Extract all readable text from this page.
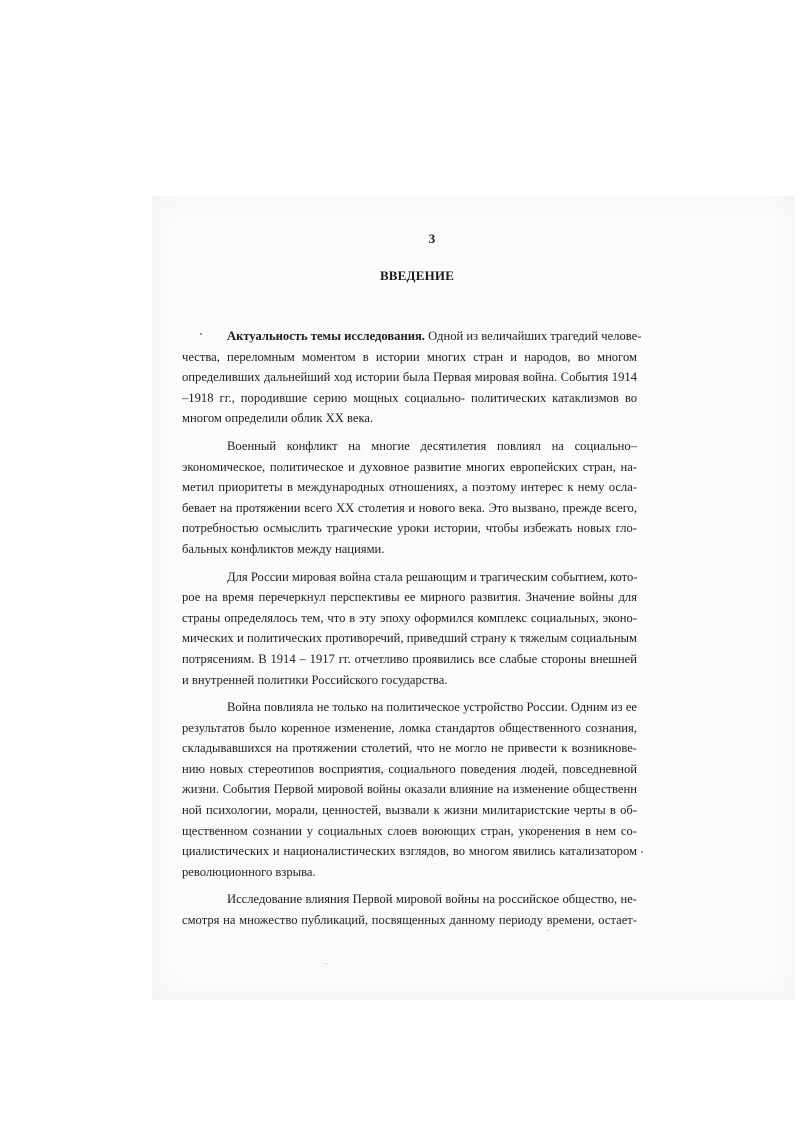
3
ВВЕДЕНИЕ
Актуальность темы исследования. Одной из величайших трагедий челове-
чества, переломным моментом в истории многих стран и народов, во многом
определивших дальнейший ход истории была Первая мировая война. События 1914
–1918 гг., породившие серию мощных социально- политических катаклизмов во
многом определили облик XX века.
Военный конфликт на многие десятилетия повлиял на социально–
экономическое, политическое и духовное развитие многих европейских стран, на-
метил приоритеты в международных отношениях, а поэтому интерес к нему осла-
бевает на протяжении всего XX столетия и нового века. Это вызвано, прежде всего,
потребностью осмыслить трагические уроки истории, чтобы избежать новых гло-
бальных конфликтов между нациями.
Для России мировая война стала решающим и трагическим событием, кото-
рое на время перечеркнул перспективы ее мирного развития. Значение войны для
страны определялось тем, что в эту эпоху оформился комплекс социальных, эконо-
мических и политических противоречий, приведший страну к тяжелым социальным
потрясениям. В 1914 – 1917 гг. отчетливо проявились все слабые стороны внешней
и внутренней политики Российского государства.
Война повлияла не только на политическое устройство России. Одним из ее
результатов было коренное изменение, ломка стандартов общественного сознания,
складывавшихся на протяжении столетий, что не могло не привести к возникнове-
нию новых стереотипов восприятия, социального поведения людей, повседневной
жизни. События Первой мировой войны оказали влияние на изменение общественн
ной психологии, морали, ценностей, вызвали к жизни милитаристские черты в об-
щественном сознании у социальных слоев воюющих стран, укоренения в нем со-
циалистических и националистических взглядов, во многом явились катализатором
революционного взрыва.
Исследование влияния Первой мировой войны на российское общество, не-
смотря на множество публикаций, посвященных данному периоду времени, остает-
